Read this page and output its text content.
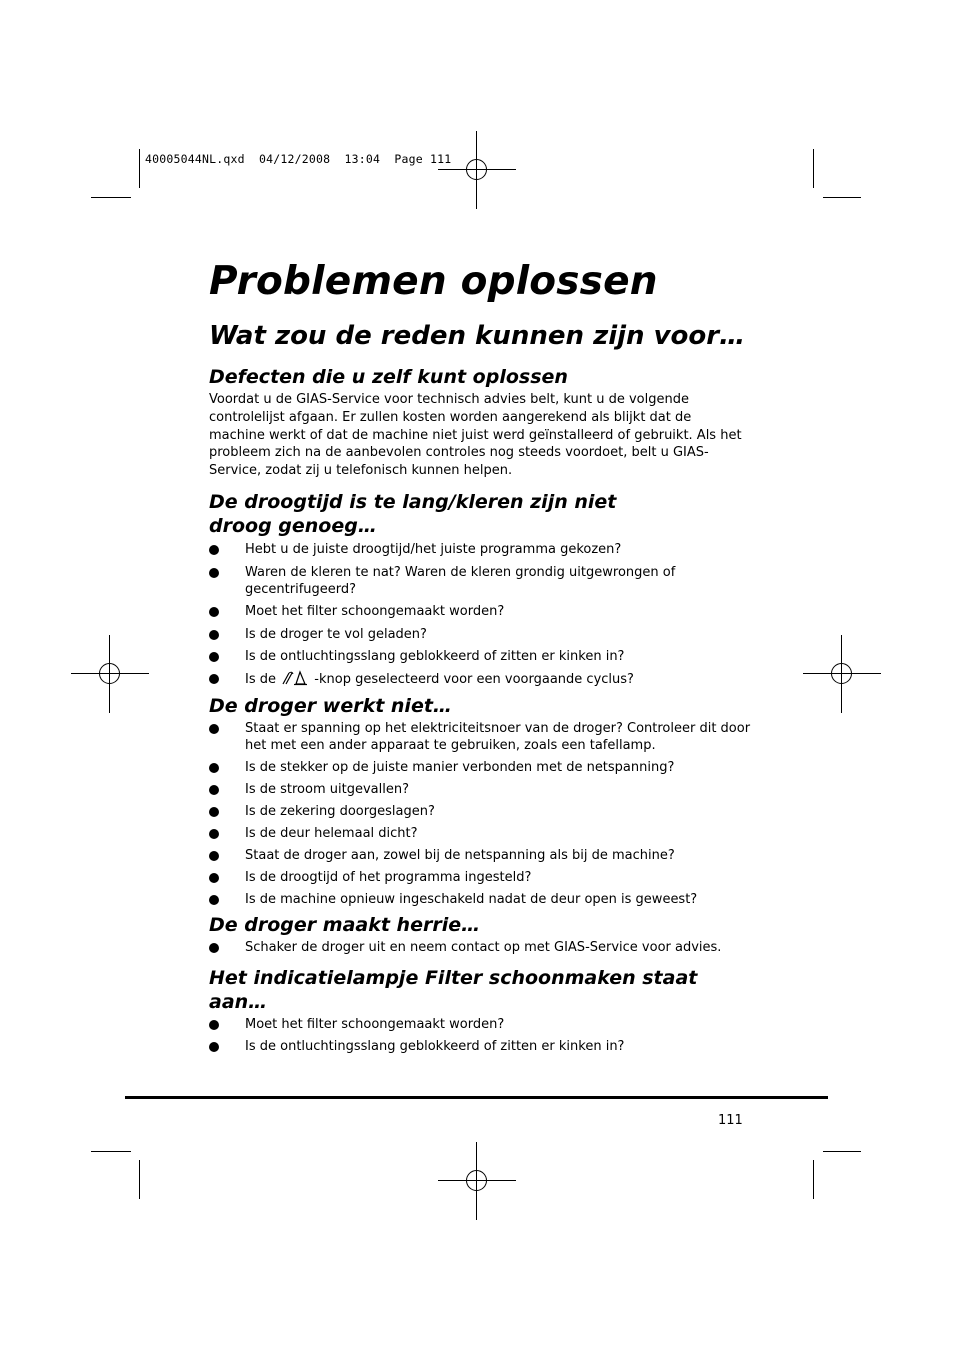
40005044NL.qxd  04/12/2008  13:04  Page 111
Problemen oplossen
Wat zou de reden kunnen zijn voor…
Defecten die u zelf kunt oplossen

Voordat u de GIAS-Service voor technisch advies belt, kunt u de volgende controlelijst afgaan. Er zullen kosten worden aangerekend als blijkt dat de machine werkt of dat de machine niet juist werd geïnstalleerd of gebruikt. Als het probleem zich na de aanbevolen controles nog steeds voordoet, belt u GIAS-Service, zodat zij u telefonisch kunnen helpen.

De droogtijd is te lang/kleren zijn niet droog genoeg…
Hebt u de juiste droogtijd/het juiste programma gekozen?
Waren de kleren te nat? Waren de kleren grondig uitgewrongen of gecentrifugeerd?
Moet het filter schoongemaakt worden?
Is de droger te vol geladen?
Is de ontluchtingsslang geblokkeerd of zitten er kinken in?
Is de	-knop geselecteerd voor een voorgaande cyclus?
De droger werkt niet…
Staat er spanning op het elektriciteitsnoer van de droger? Controleer dit door het met een ander apparaat te gebruiken, zoals een tafellamp.
Is de stekker op de juiste manier verbonden met de netspanning?
Is de stroom uitgevallen?
Is de zekering doorgeslagen?
Is de deur helemaal dicht?
Staat de droger aan, zowel bij de netspanning als bij de machine?
Is de droogtijd of het programma ingesteld?
Is de machine opnieuw ingeschakeld nadat de deur open is geweest?
De droger maakt herrie…
Schaker de droger uit en neem contact op met GIAS-Service voor advies.
Het indicatielampje Filter schoonmaken staat aan…
Moet het filter schoongemaakt worden?
Is de ontluchtingsslang geblokkeerd of zitten er kinken in?
111
